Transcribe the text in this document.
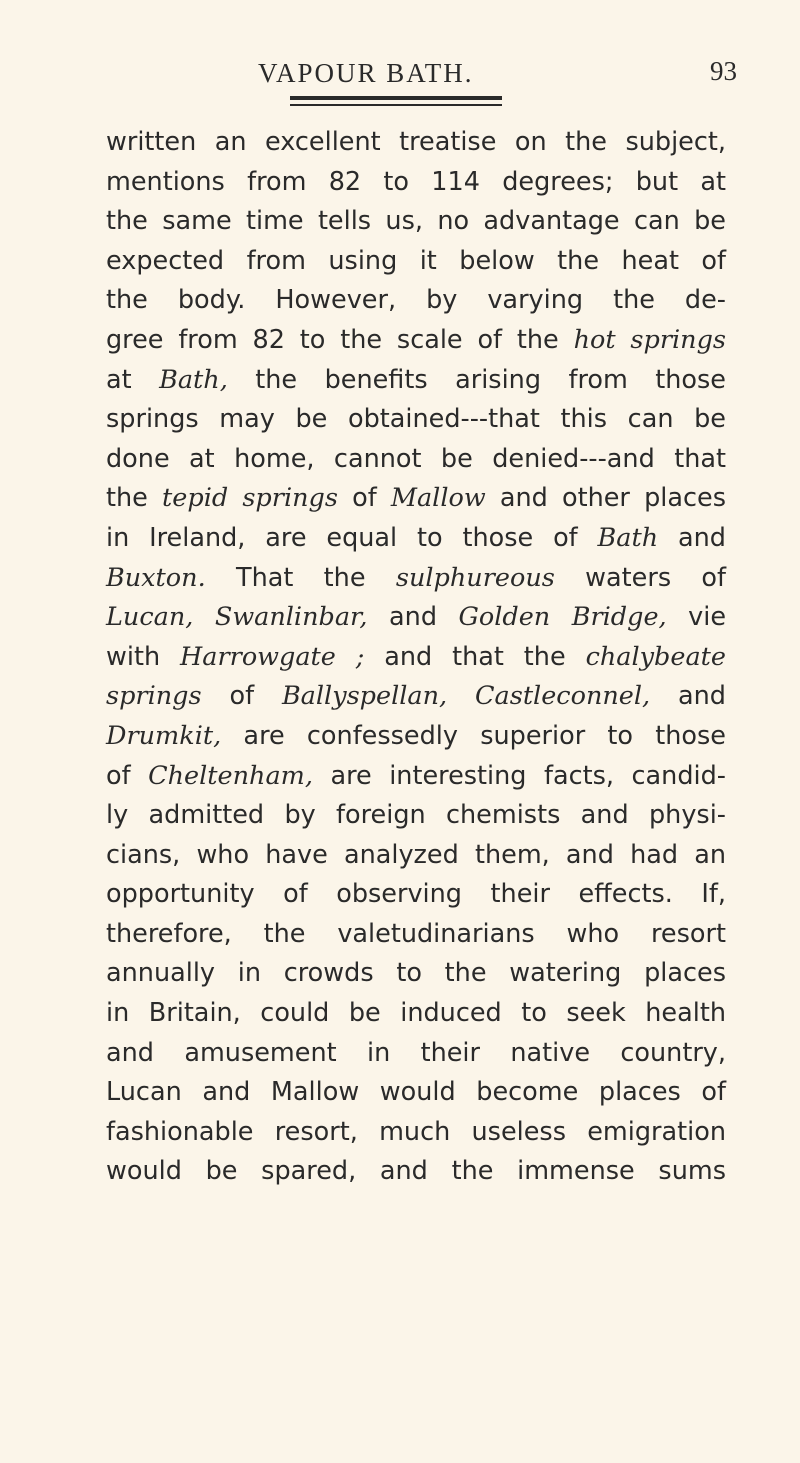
VAPOUR BATH.	93
written an excellent treatise on the subject,
mentions from 82 to 114 degrees; but at
the same time tells us, no advantage can be
expected from using it below the heat of
the body. However, by varying the de-
gree from 82 to the scale of the hot springs
at Bath, the benefits arising from those
springs may be obtained---that this can be
done at home, cannot be denied---and that
the tepid springs of Mallow and other places
in Ireland, are equal to those of Bath and
Buxton. That the sulphureous waters of
Lucan, Swanlinbar, and Golden Bridge, vie
with Harrowgate ; and that the chalybeate
springs of Ballyspellan, Castleconnel, and
Drumkit, are confessedly superior to those
of Cheltenham, are interesting facts, candid-
ly admitted by foreign chemists and physi-
cians, who have analyzed them, and had an
opportunity of observing their effects. If,
therefore, the valetudinarians who resort
annually in crowds to the watering places
in Britain, could be induced to seek health
and amusement in their native country,
Lucan and Mallow would become places of
fashionable resort, much useless emigration
would be spared, and the immense sums
